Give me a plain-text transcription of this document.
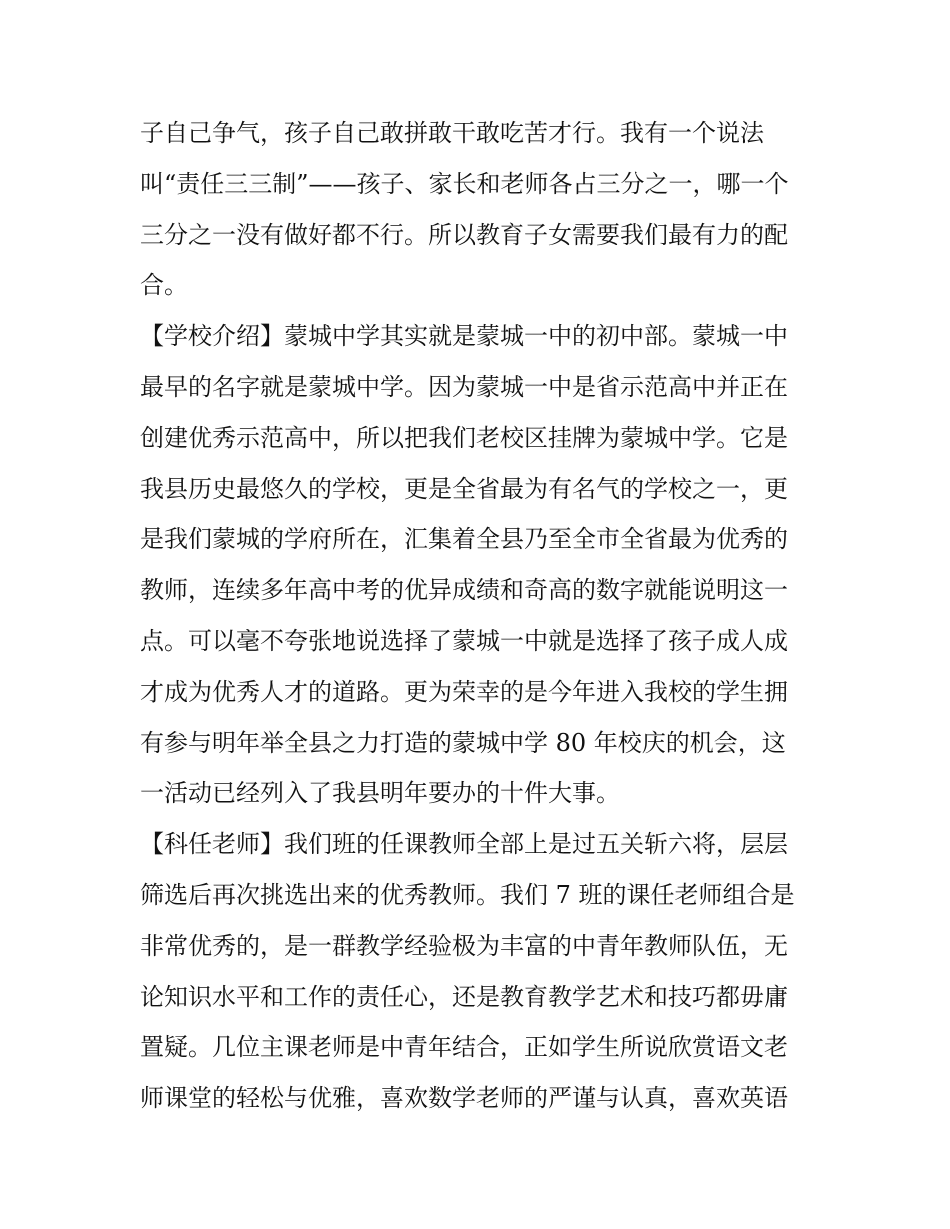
子自己争气，孩子自己敢拼敢干敢吃苦才行。我有一个说法
叫“责任三三制”——孩子、家长和老师各占三分之一，哪一个
三分之一没有做好都不行。所以教育子女需要我们最有力的配
合。
【学校介绍】蒙城中学其实就是蒙城一中的初中部。蒙城一中
最早的名字就是蒙城中学。因为蒙城一中是省示范高中并正在
创建优秀示范高中，所以把我们老校区挂牌为蒙城中学。它是
我县历史最悠久的学校，更是全省最为有名气的学校之一，更
是我们蒙城的学府所在，汇集着全县乃至全市全省最为优秀的
教师，连续多年高中考的优异成绩和奇高的数字就能说明这一
点。可以毫不夸张地说选择了蒙城一中就是选择了孩子成人成
才成为优秀人才的道路。更为荣幸的是今年进入我校的学生拥
有参与明年举全县之力打造的蒙城中学 80 年校庆的机会，这
一活动已经列入了我县明年要办的十件大事。
【科任老师】我们班的任课教师全部上是过五关斩六将，层层
筛选后再次挑选出来的优秀教师。我们 7 班的课任老师组合是
非常优秀的，是一群教学经验极为丰富的中青年教师队伍，无
论知识水平和工作的责任心，还是教育教学艺术和技巧都毋庸
置疑。几位主课老师是中青年结合，正如学生所说欣赏语文老
师课堂的轻松与优雅，喜欢数学老师的严谨与认真，喜欢英语
